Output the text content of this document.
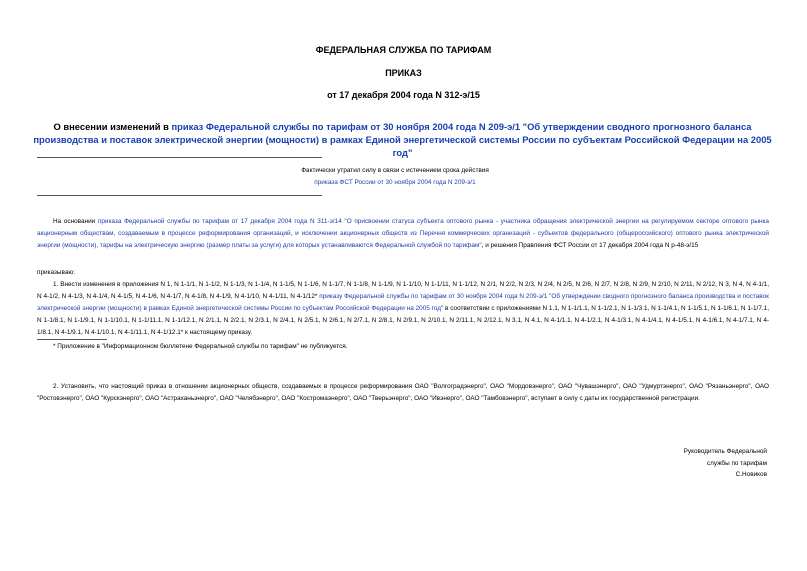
ФЕДЕРАЛЬНАЯ СЛУЖБА ПО ТАРИФАМ
ПРИКАЗ
от 17 декабря 2004 года N 312-э/15
О внесении изменений в приказ Федеральной службы по тарифам от 30 ноября 2004 года N 209-э/1 "Об утверждении сводного прогнозного баланса производства и поставок электрической энергии (мощности) в рамках Единой энергетической системы России по субъектам Российской Федерации на 2005 год"
Фактически утратил силу в связи с истечением срока действия
приказа ФСТ России от 30 ноября 2004 года N 209-э/1
На основании приказа Федеральной службы по тарифам от 17 декабря 2004 года N 311-э/14 "О присвоении статуса субъекта оптового рынка - участника обращения электрической энергии на регулируемом секторе оптового рынка акционерным обществам, создаваемым в процессе реформирования организаций, и исключении акционерных обществ из Перечня коммерческих организаций - субъектов федерального (общероссийского) оптового рынка электрической энергии (мощности), тарифы на электрическую энергию (размер платы за услуги) для которых устанавливаются Федеральной службой по тарифам", и решения Правления ФСТ России от 17 декабря 2004 года N р-48-э/15
приказываю:
1. Внести изменения в приложения N 1, N 1-1/1, N 1-1/2, N 1-1/3, N 1-1/4, N 1-1/5, N 1-1/6, N 1-1/7, N 1-1/8, N 1-1/9, N 1-1/10, N 1-1/11, N 1-1/12, N 2/1, N 2/2, N 2/3, N 2/4, N 2/5, N 2/6, N 2/7, N 2/8, N 2/9, N 2/10, N 2/11, N 2/12, N 3, N 4, N 4-1/1, N 4-1/2, N 4-1/3, N 4-1/4, N 4-1/5, N 4-1/6, N 4-1/7, N 4-1/8, N 4-1/9, N 4-1/10, N 4-1/11, N 4-1/12* приказу Федеральной службы по тарифам от 30 ноября 2004 года N 209-э/1 "Об утверждении сводного прогнозного баланса производства и поставок электрической энергии (мощности) в рамках Единой энергетической системы России по субъектам Российской Федерации на 2005 год" в соответствии с приложениями N 1.1, N 1-1/1.1, N 1-1/2.1, N 1-1/3.1, N 1-1/4.1, N 1-1/5.1, N 1-1/6.1, N 1-1/7.1, N 1-1/8.1, N 1-1/9.1, N 1-1/10.1, N 1-1/11.1, N 1-1/12.1, N 2/1.1, N 2/2.1, N 2/3.1, N 2/4.1, N 2/5.1, N 2/6.1, N 2/7.1, N 2/8.1, N 2/9.1, N 2/10.1, N 2/11.1, N 2/12.1, N 3.1, N 4.1, N 4-1/1.1, N 4-1/2.1, N 4-1/3.1, N 4-1/4.1, N 4-1/5.1, N 4-1/6.1, N 4-1/7.1, N 4-1/8.1, N 4-1/9.1, N 4-1/10.1, N 4-1/11.1, N 4-1/12.1* к настоящему приказу.
* Приложение в "Информационном бюллетене Федеральной службы по тарифам" не публикуется.
2. Установить, что настоящий приказ в отношении акционерных обществ, создаваемых в процессе реформирования ОАО "Волгоградэнерго", ОАО "Мордовэнерго", ОАО "Чувашэнерго", ОАО "Удмуртэнерго", ОАО "Рязаньэнерго", ОАО "Ростовэнерго", ОАО "Курскэнерго", ОАО "Астраханьэнерго", ОАО "Челябэнерго", ОАО "Костромаэнерго", ОАО "Тверьэнерго", ОАО "Ивэнерго", ОАО "Тамбовэнерго", вступает в силу с даты их государственной регистрации.
Руководитель Федеральной
службы по тарифам
С.Новиков
